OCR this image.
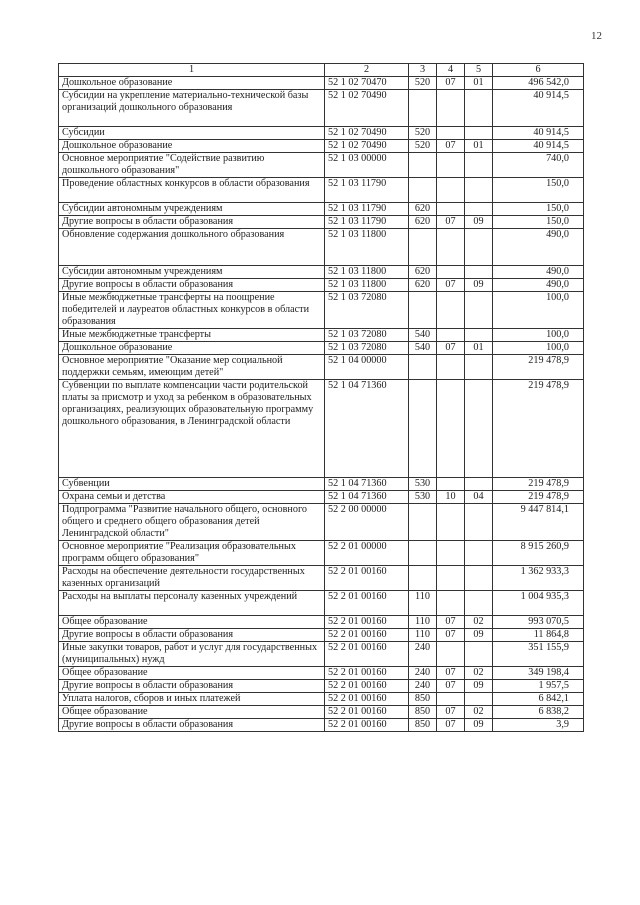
12
1	2	3	4	5	6
Дошкольное образование	52 1 02 70470	520	07	01	496 542,0
Субсидии на укрепление материально-технической базы организаций дошкольного образования	52 1 02 70490				40 914,5
Субсидии	52 1 02 70490	520			40 914,5
Дошкольное образование	52 1 02 70490	520	07	01	40 914,5
Основное мероприятие "Содействие развитию дошкольного образования"	52 1 03 00000				740,0
Проведение областных конкурсов в области образования	52 1 03 11790				150,0
Субсидии автономным учреждениям	52 1 03 11790	620			150,0
Другие вопросы в области образования	52 1 03 11790	620	07	09	150,0
Обновление содержания дошкольного образования	52 1 03 11800				490,0
Субсидии автономным учреждениям	52 1 03 11800	620			490,0
Другие вопросы в области образования	52 1 03 11800	620	07	09	490,0
Иные межбюджетные трансферты на поощрение победителей и лауреатов областных конкурсов в области образования	52 1 03 72080				100,0
Иные межбюджетные трансферты	52 1 03 72080	540			100,0
Дошкольное образование	52 1 03 72080	540	07	01	100,0
Основное мероприятие "Оказание мер социальной поддержки семьям, имеющим детей"	52 1 04 00000				219 478,9
Субвенции по выплате компенсации части родительской платы за присмотр и уход за ребенком в образовательных организациях, реализующих образовательную программу дошкольного образования, в Ленинградской области	52 1 04 71360				219 478,9
Субвенции	52 1 04 71360	530			219 478,9
Охрана семьи и детства	52 1 04 71360	530	10	04	219 478,9
Подпрограмма "Развитие начального общего, основного общего и среднего общего образования детей Ленинградской области"	52 2 00 00000				9 447 814,1
Основное мероприятие "Реализация образовательных программ общего образования"	52 2 01 00000				8 915 260,9
Расходы на обеспечение деятельности государственных казенных организаций	52 2 01 00160				1 362 933,3
Расходы на выплаты персоналу казенных учреждений	52 2 01 00160	110			1 004 935,3
Общее образование	52 2 01 00160	110	07	02	993 070,5
Другие вопросы в области образования	52 2 01 00160	110	07	09	11 864,8
Иные закупки товаров, работ и услуг для государственных (муниципальных) нужд	52 2 01 00160	240			351 155,9
Общее образование	52 2 01 00160	240	07	02	349 198,4
Другие вопросы в области образования	52 2 01 00160	240	07	09	1 957,5
Уплата налогов, сборов и иных платежей	52 2 01 00160	850			6 842,1
Общее образование	52 2 01 00160	850	07	02	6 838,2
Другие вопросы в области образования	52 2 01 00160	850	07	09	3,9
